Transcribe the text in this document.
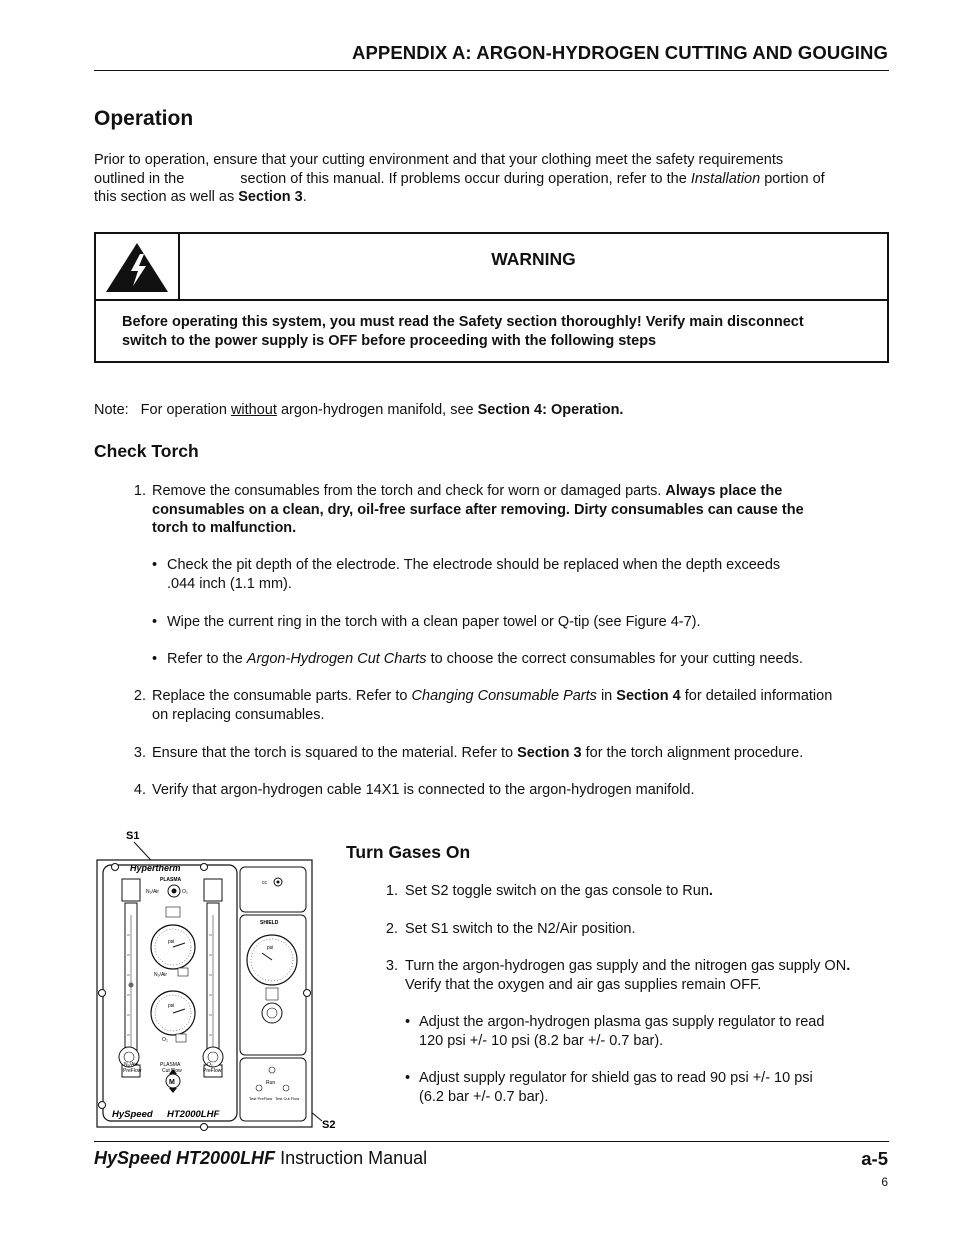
APPENDIX A: ARGON-HYDROGEN CUTTING AND GOUGING
Operation
Prior to operation, ensure that your cutting environment and that your clothing meet the safety requirements
outlined in the	section of this manual. If problems occur during operation, refer to the Installation portion of
this section as well as Section 3.
WARNING
Before operating this system, you must read the Safety section thoroughly! Verify main disconnect
switch to the power supply is OFF before proceeding with the following steps
Note: For operation without argon-hydrogen manifold, see Section 4: Operation.
Check Torch
1. Remove the consumables from the torch and check for worn or damaged parts. Always place the
consumables on a clean, dry, oil-free surface after removing. Dirty consumables can cause the
torch to malfunction.
• Check the pit depth of the electrode. The electrode should be replaced when the depth exceeds
.044 inch (1.1 mm).
• Wipe the current ring in the torch with a clean paper towel or Q-tip (see Figure 4-7).
• Refer to the Argon-Hydrogen Cut Charts to choose the correct consumables for your cutting needs.
2. Replace the consumable parts. Refer to Changing Consumable Parts in Section 4 for detailed information
on replacing consumables.
3. Ensure that the torch is squared to the material. Refer to Section 3 for the torch alignment procedure.
4. Verify that argon-hydrogen cable 14X1 is connected to the argon-hydrogen manifold.
Turn Gases On
1. Set S2 toggle switch on the gas console to Run.
2. Set S1 switch to the N2/Air position.
3. Turn the argon-hydrogen gas supply and the nitrogen gas supply ON.
Verify that the oxygen and air gas supplies remain OFF.
• Adjust the argon-hydrogen plasma gas supply regulator to read
120 psi +/- 10 psi (8.2 bar +/- 0.7 bar).
• Adjust supply regulator for shield gas to read 90 psi +/- 10 psi
(6.2 bar +/- 0.7 bar).
S1
S2
Hypertherm
PLASMA
N₂/Air	O₂
psi
N₂/Air
psi
O₂
M
N₂/Air
PreFlow
PLASMA
Cut Flow
O₂
PreFlow
HySpeed HT2000LHF
cc
SHIELD
psi
Run
Test PreFlow Test Cut Flow
HySpeed HT2000LHF Instruction Manual	a-5
6
